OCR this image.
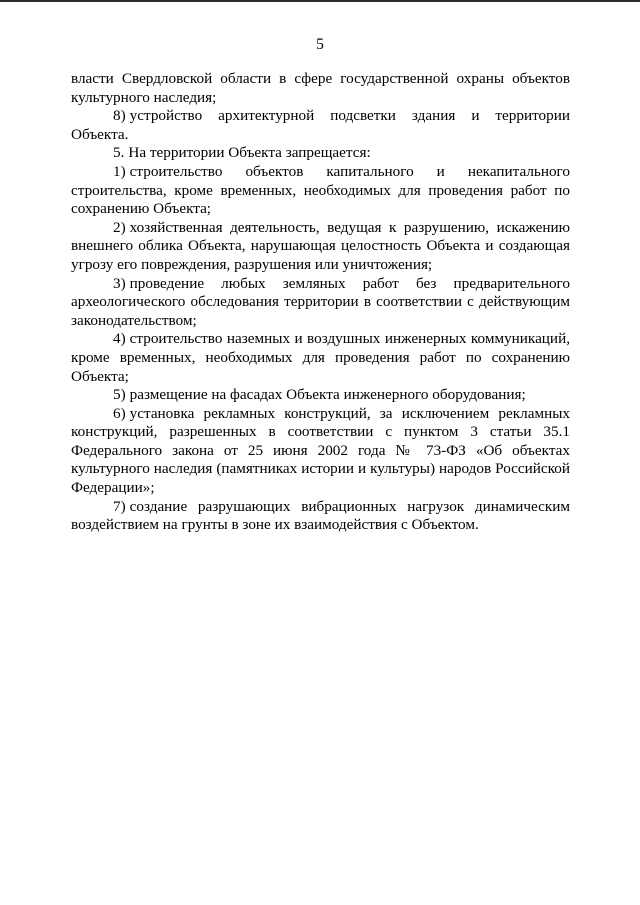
5

власти Свердловской области в сфере государственной охраны объектов культурного наследия;

8) устройство архитектурной подсветки здания и территории Объекта.

5. На территории Объекта запрещается:

1) строительство объектов капитального и некапитального строительства, кроме временных, необходимых для проведения работ по сохранению Объекта;

2) хозяйственная деятельность, ведущая к разрушению, искажению внешнего облика Объекта, нарушающая целостность Объекта и создающая угрозу его повреждения, разрушения или уничтожения;

3) проведение любых земляных работ без предварительного археологического обследования территории в соответствии с действующим законодательством;

4) строительство наземных и воздушных инженерных коммуникаций, кроме временных, необходимых для проведения работ по сохранению Объекта;

5) размещение на фасадах Объекта инженерного оборудования;

6) установка рекламных конструкций, за исключением рекламных конструкций, разрешенных в соответствии с пунктом 3 статьи 35.1 Федерального закона от 25 июня 2002 года № 73-ФЗ «Об объектах культурного наследия (памятниках истории и культуры) народов Российской Федерации»;

7) создание разрушающих вибрационных нагрузок динамическим воздействием на грунты в зоне их взаимодействия с Объектом.
